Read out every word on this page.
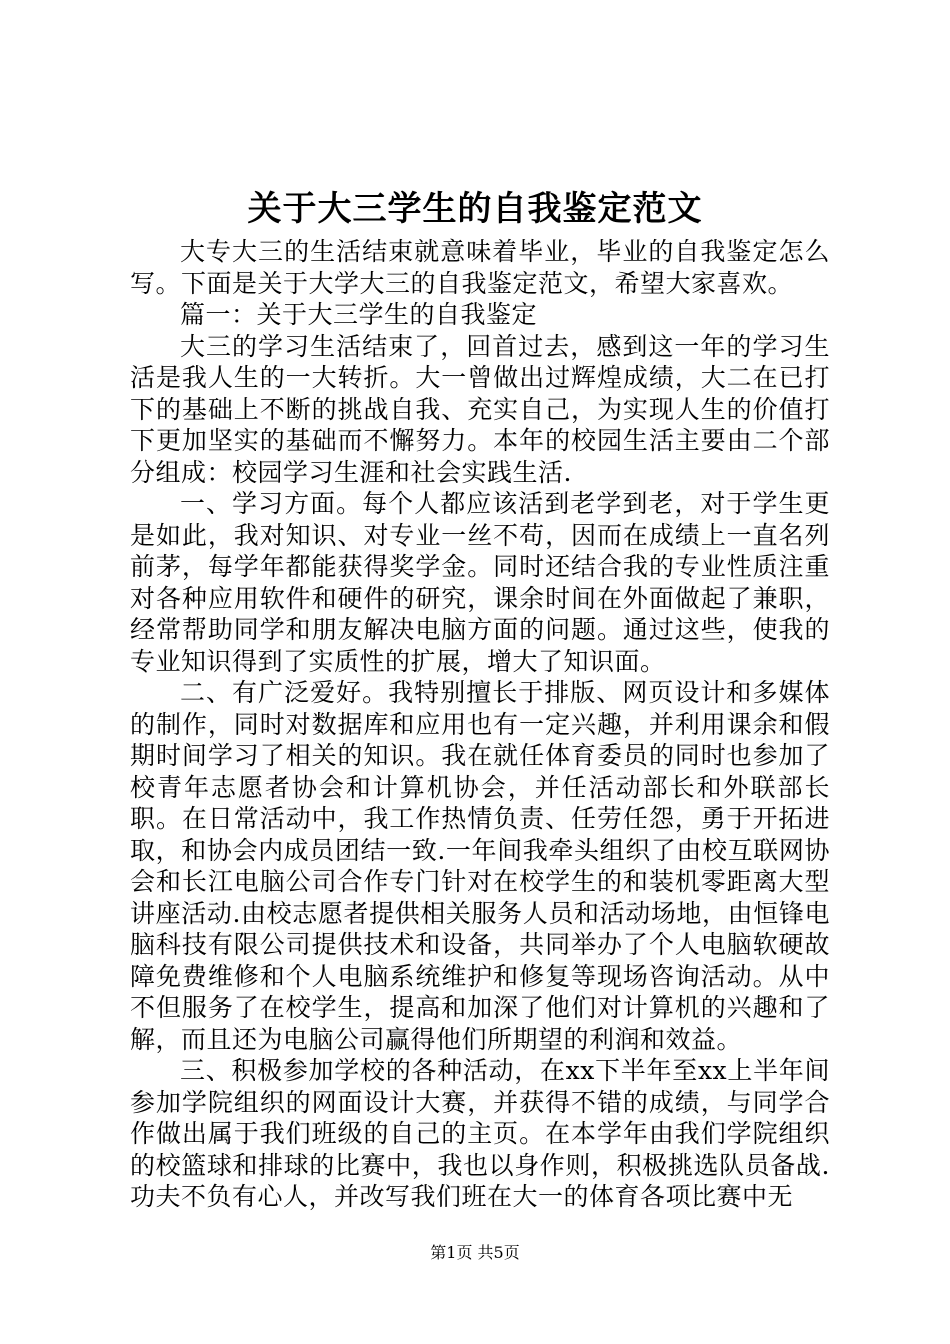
关于大三学生的自我鉴定范文

大专大三的生活结束就意味着毕业，毕业的自我鉴定怎么写。下面是关于大学大三的自我鉴定范文，希望大家喜欢。

篇一：关于大三学生的自我鉴定

大三的学习生活结束了，回首过去，感到这一年的学习生活是我人生的一大转折。大一曾做出过辉煌成绩，大二在已打下的基础上不断的挑战自我、充实自己，为实现人生的价值打下更加坚实的基础而不懈努力。本年的校园生活主要由二个部分组成：校园学习生涯和社会实践生活.

一、学习方面。每个人都应该活到老学到老，对于学生更是如此，我对知识、对专业一丝不苟，因而在成绩上一直名列前茅，每学年都能获得奖学金。同时还结合我的专业性质注重对各种应用软件和硬件的研究，课余时间在外面做起了兼职，经常帮助同学和朋友解决电脑方面的问题。通过这些，使我的专业知识得到了实质性的扩展，增大了知识面。

二、有广泛爱好。我特别擅长于排版、网页设计和多媒体的制作，同时对数据库和应用也有一定兴趣，并利用课余和假期时间学习了相关的知识。我在就任体育委员的同时也参加了校青年志愿者协会和计算机协会，并任活动部长和外联部长职。在日常活动中，我工作热情负责、任劳任怨，勇于开拓进取，和协会内成员团结一致.一年间我牵头组织了由校互联网协会和长江电脑公司合作专门针对在校学生的和装机零距离大型讲座活动.由校志愿者提供相关服务人员和活动场地，由恒锋电脑科技有限公司提供技术和设备，共同举办了个人电脑软硬故障免费维修和个人电脑系统维护和修复等现场咨询活动。从中不但服务了在校学生，提高和加深了他们对计算机的兴趣和了解，而且还为电脑公司赢得他们所期望的利润和效益。

三、积极参加学校的各种活动，在xx下半年至xx上半年间参加学院组织的网面设计大赛，并获得不错的成绩，与同学合作做出属于我们班级的自己的主页。在本学年由我们学院组织的校篮球和排球的比赛中，我也以身作则，积极挑选队员备战.功夫不负有心人，并改写我们班在大一的体育各项比赛中无

第1页 共5页
